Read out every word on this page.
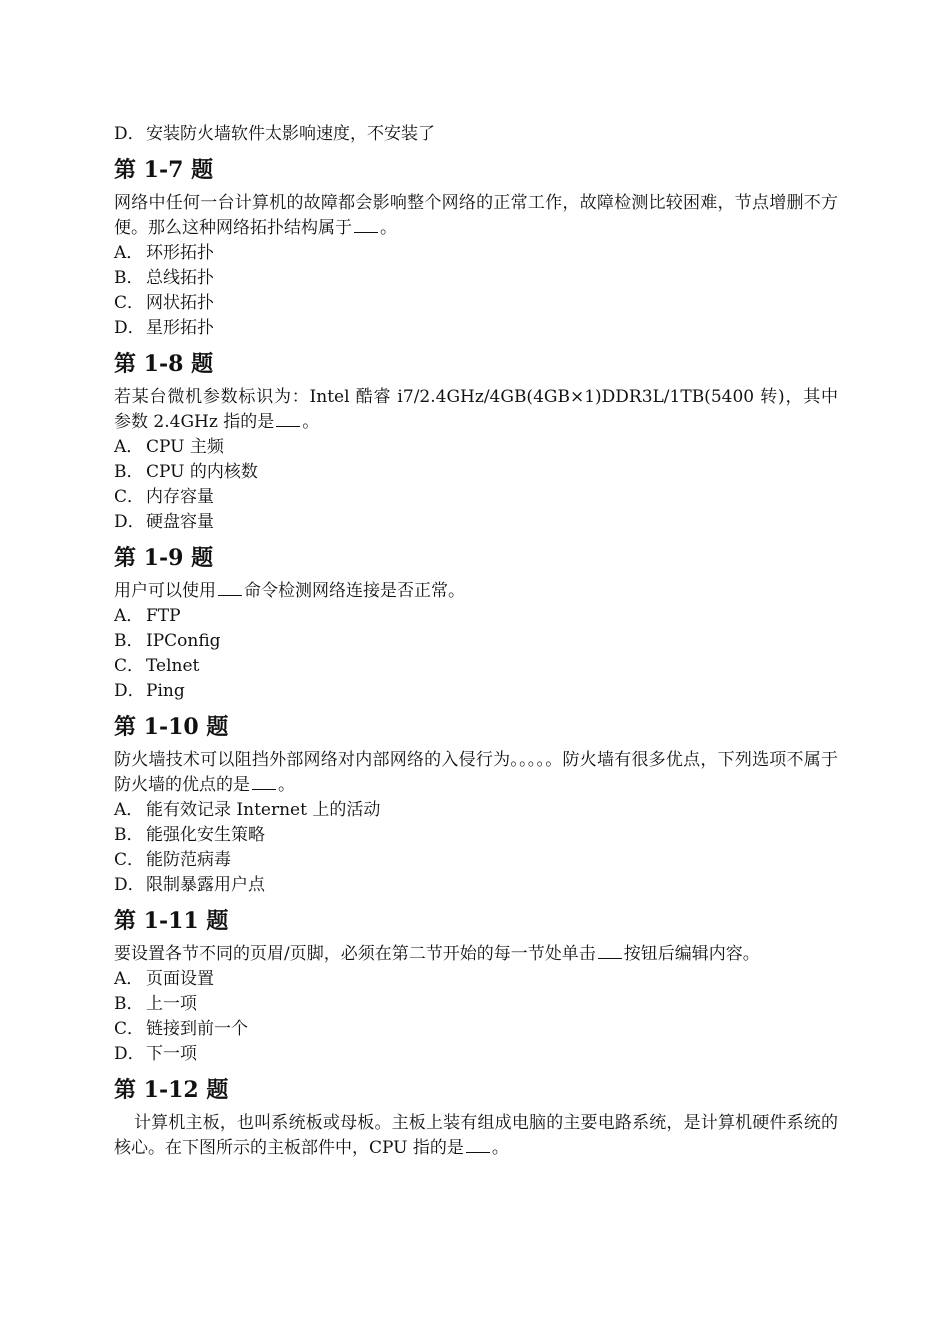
D．安装防火墙软件太影响速度，不安装了
第 1-7 题
网络中任何一台计算机的故障都会影响整个网络的正常工作，故障检测比较困难，节点增删不方便。那么这种网络拓扑结构属于 。
A． 环形拓扑
B． 总线拓扑
C． 网状拓扑
D．星形拓扑
第 1-8 题
若某台微机参数标识为：Intel 酷睿 i7/2.4GHz/4GB(4GB×1)DDR3L/1TB(5400 转)，其中参数 2.4GHz 指的是 。
A． CPU 主频
B． CPU 的内核数
C． 内存容量
D．硬盘容量
第 1-9 题
用户可以使用 命令检测网络连接是否正常。
A． FTP
B． IPConfig
C． Telnet
D．Ping
第 1-10 题
防火墙技术可以阻挡外部网络对内部网络的入侵行为。。。。。防火墙有很多优点，下列选项不属于防火墙的优点的是 。
A． 能有效记录 Internet 上的活动
B． 能强化安生策略
C． 能防范病毒
D．限制暴露用户点
第 1-11 题
要设置各节不同的页眉/页脚，必须在第二节开始的每一节处单击 按钮后编辑内容。
A． 页面设置
B． 上一项
C． 链接到前一个
D．下一项
第 1-12 题
计算机主板，也叫系统板或母板。主板上装有组成电脑的主要电路系统，是计算机硬件系统的核心。在下图所示的主板部件中，CPU 指的是 。
